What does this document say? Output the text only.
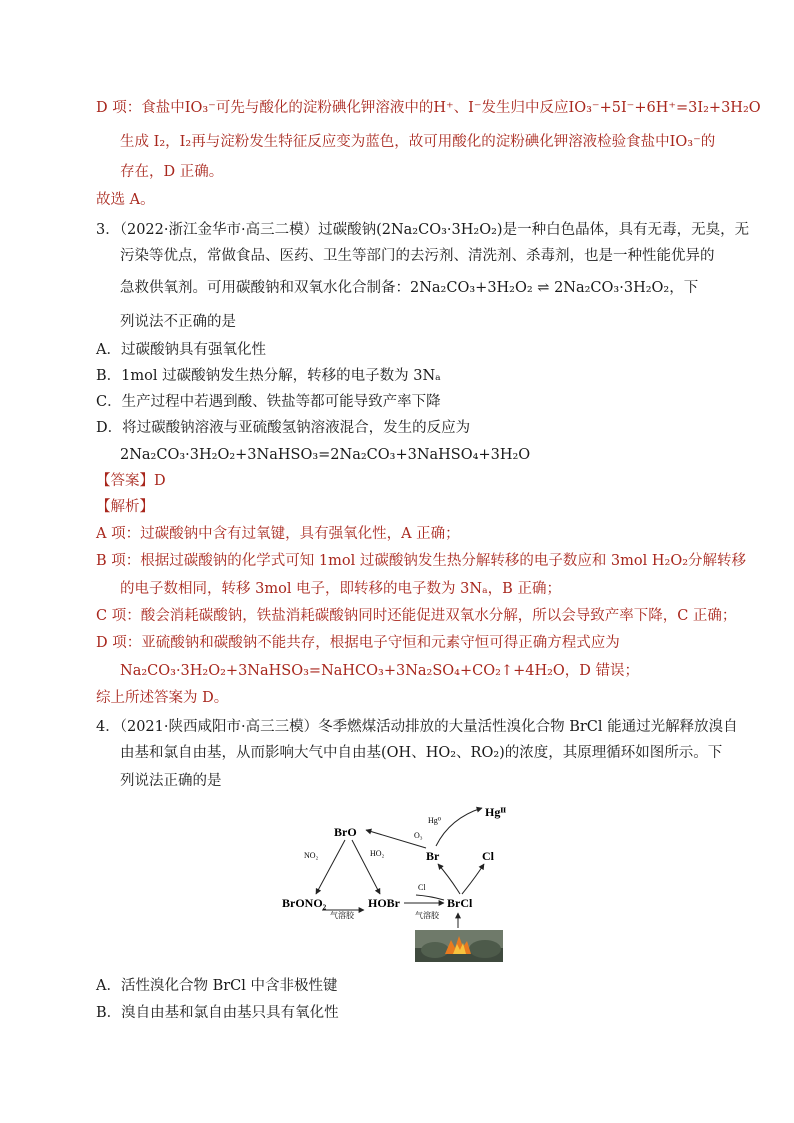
D 项：食盐中IO₃⁻可先与酸化的淀粉碘化钾溶液中的H⁺、I⁻发生归中反应IO₃⁻+5I⁻+6H⁺=3I₂+3H₂O
生成 I₂，I₂再与淀粉发生特征反应变为蓝色，故可用酸化的淀粉碘化钾溶液检验食盐中IO₃⁻的
存在，D 正确。
故选 A。
3．（2022·浙江金华市·高三二模）过碳酸钠(2Na₂CO₃·3H₂O₂)是一种白色晶体，具有无毒，无臭，无
污染等优点，常做食品、医药、卫生等部门的去污剂、清洗剂、杀毒剂，也是一种性能优异的
急救供氧剂。可用碳酸钠和双氧水化合制备：2Na₂CO₃+3H₂O₂ ⇌ 2Na₂CO₃·3H₂O₂，下
列说法不正确的是
A．过碳酸钠具有强氧化性
B．1mol 过碳酸钠发生热分解，转移的电子数为 3Nₐ
C．生产过程中若遇到酸、铁盐等都可能导致产率下降
D．将过碳酸钠溶液与亚硫酸氢钠溶液混合，发生的反应为
2Na₂CO₃·3H₂O₂+3NaHSO₃=2Na₂CO₃+3NaHSO₄+3H₂O
【答案】D
【解析】
A 项：过碳酸钠中含有过氧键，具有强氧化性，A 正确；
B 项：根据过碳酸钠的化学式可知 1mol 过碳酸钠发生热分解转移的电子数应和 3mol H₂O₂分解转移
的电子数相同，转移 3mol 电子，即转移的电子数为 3Nₐ，B 正确；
C 项：酸会消耗碳酸钠，铁盐消耗碳酸钠同时还能促进双氧水分解，所以会导致产率下降，C 正确；
D 项：亚硫酸钠和碳酸钠不能共存，根据电子守恒和元素守恒可得正确方程式应为
Na₂CO₃·3H₂O₂+3NaHSO₃=NaHCO₃+3Na₂SO₄+CO₂↑+4H₂O，D 错误；
综上所述答案为 D。
4．（2021·陕西咸阳市·高三三模）冬季燃煤活动排放的大量活性溴化合物 BrCl 能通过光解释放溴自
由基和氯自由基，从而影响大气中自由基(OH、HO₂、RO₂)的浓度，其原理循环如图所示。下
列说法正确的是
BrO
Hgᴵᴵ
Hg⁰
O₃
Br	Cl
NO₂	HO₂
BrONO₂	HOBr	BrCl
Cl
气溶胶	气溶胶
A．活性溴化合物 BrCl 中含非极性键
B．溴自由基和氯自由基只具有氧化性
